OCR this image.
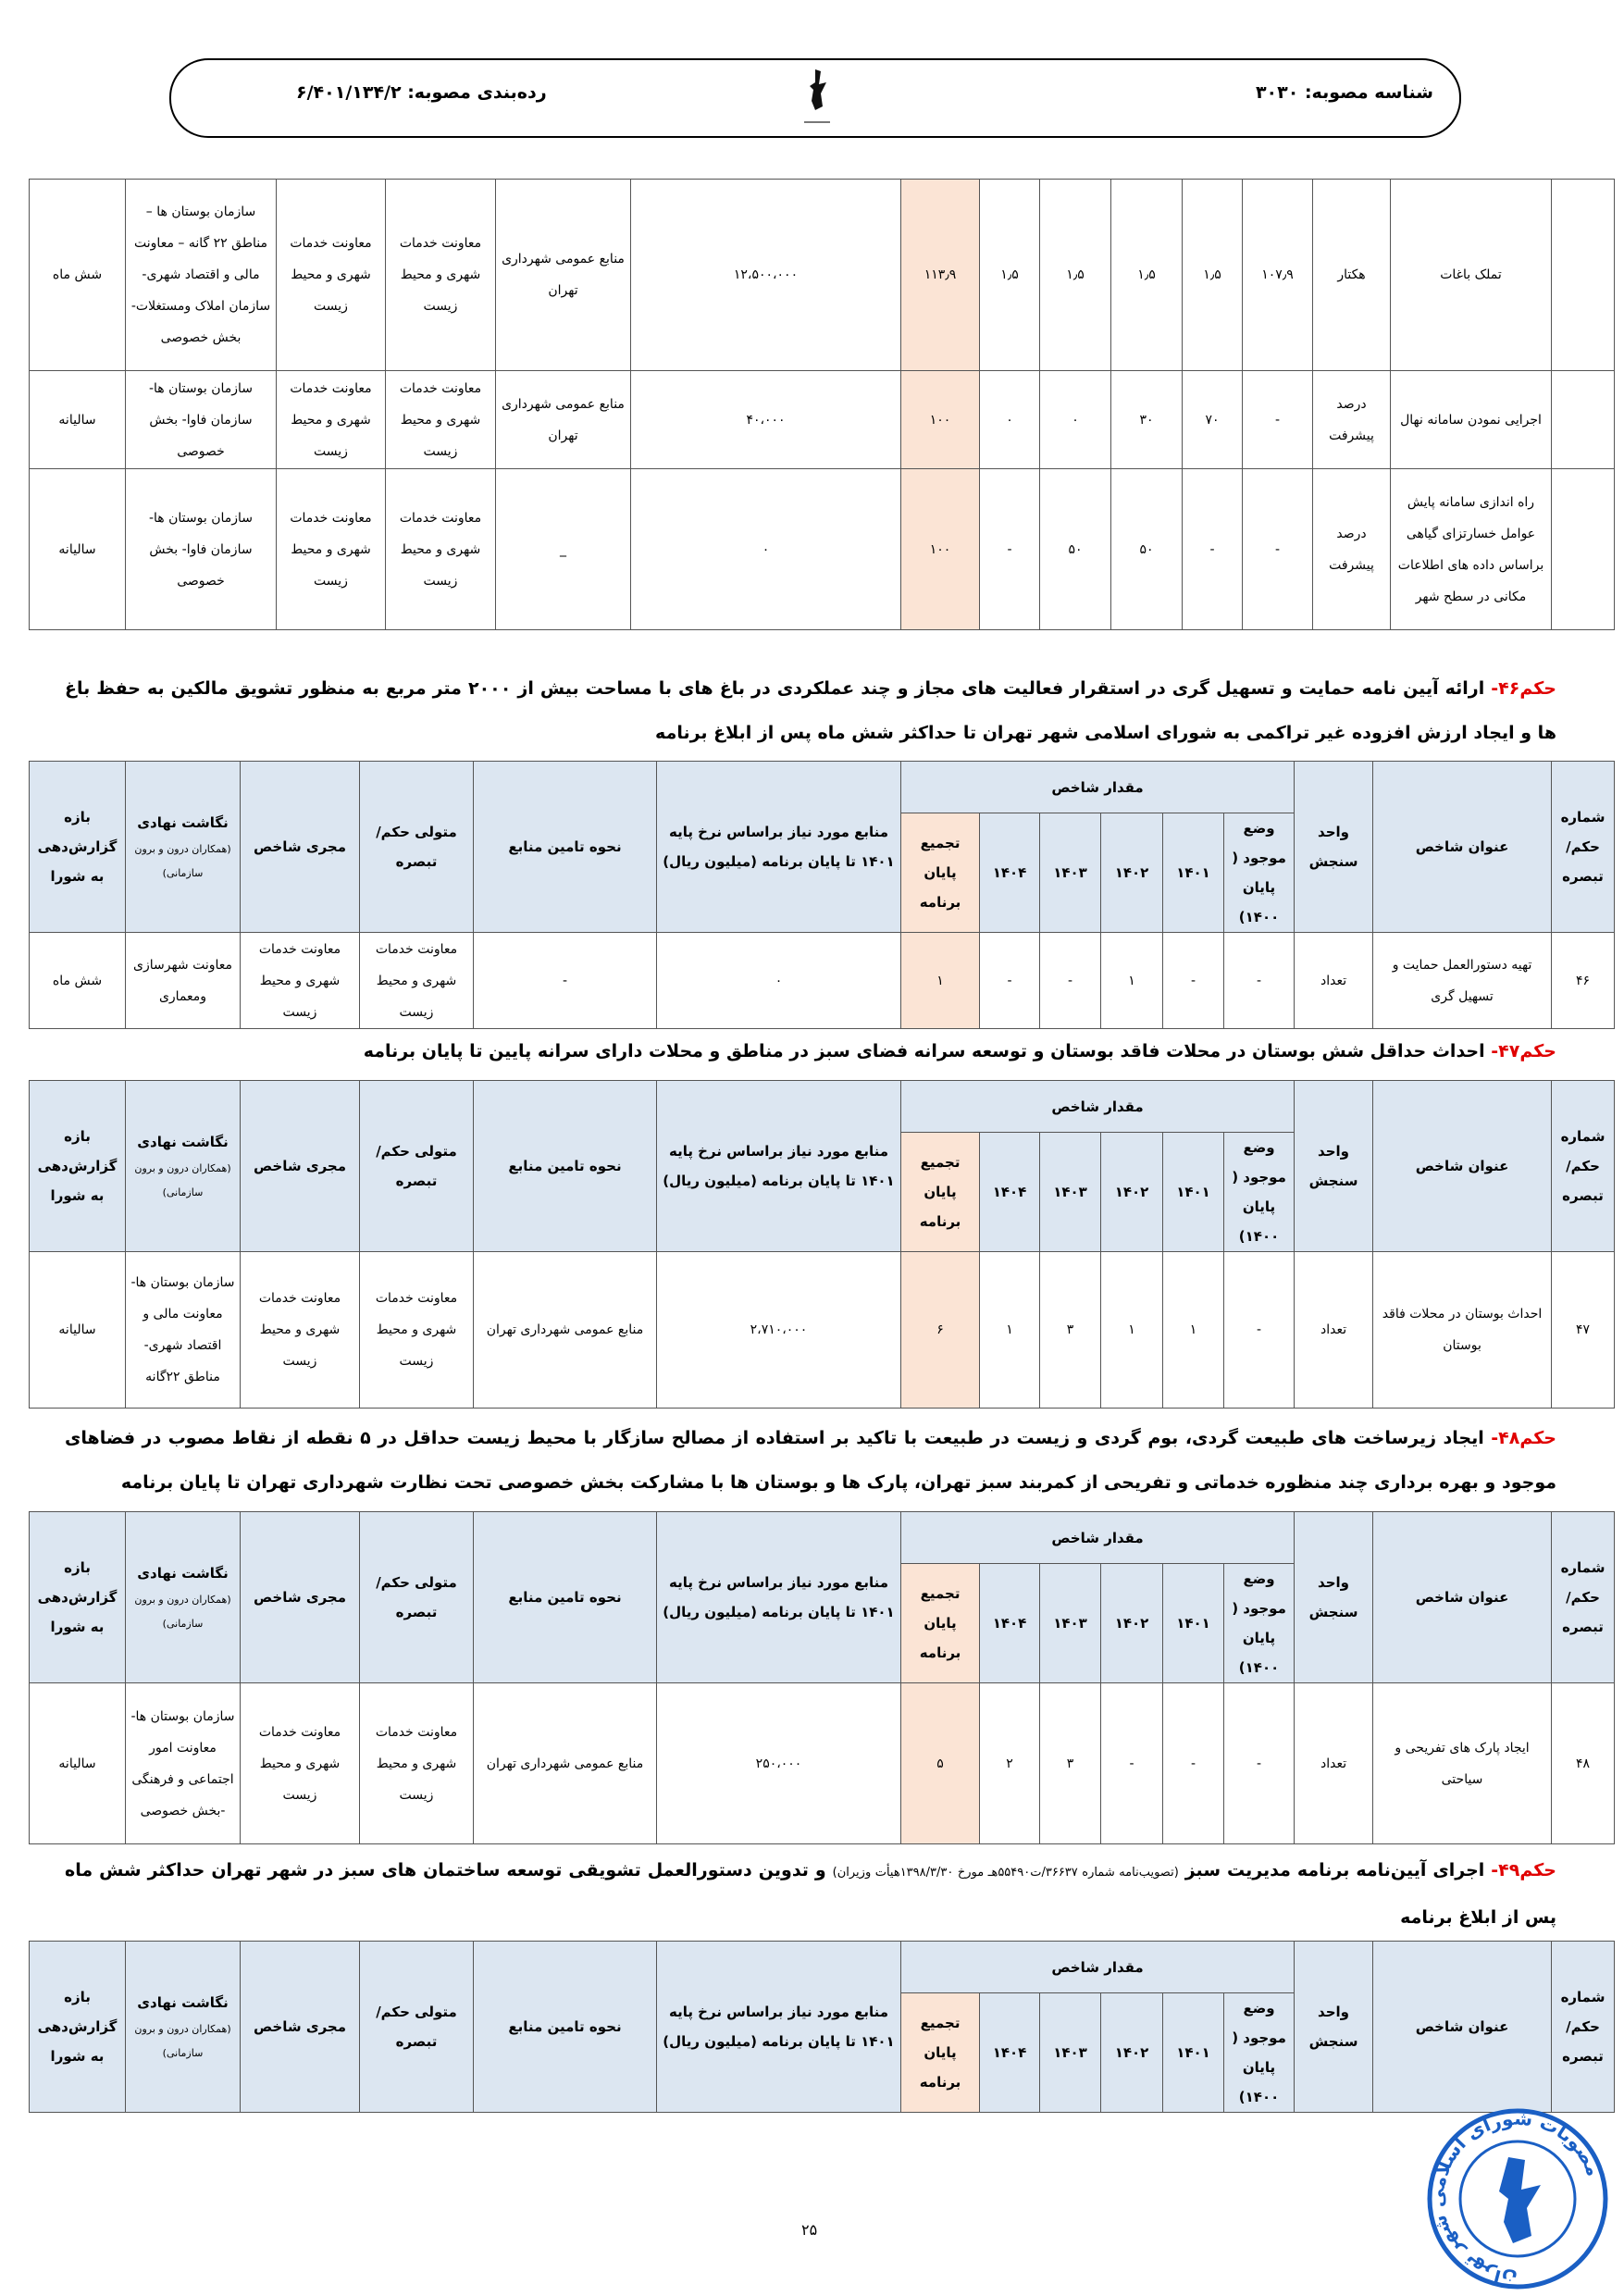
شناسه مصوبه: ۳۰۳۰
رده‌بندی مصوبه: ۶/۴۰۱/۱۳۴/۲
	تملک باغات	هکتار	۱۰۷٫۹	۱٫۵	۱٫۵	۱٫۵	۱٫۵	۱۱۳٫۹	۱۲،۵۰۰،۰۰۰	منابع عمومی شهرداری تهران	معاونت خدمات شهری و محیط زیست	معاونت خدمات شهری و محیط زیست	سازمان بوستان ها – مناطق ۲۲ گانه – معاونت مالی و اقتصاد شهری- سازمان املاک ومستغلات- بخش خصوصی	شش ماه
	اجرایی نمودن سامانه نهال	درصد پیشرفت	-	۷۰	۳۰	۰	۰	۱۰۰	۴۰،۰۰۰	منابع عمومی شهرداری تهران	معاونت خدمات شهری و محیط زیست	معاونت خدمات شهری و محیط زیست	سازمان بوستان ها- سازمان فاوا- بخش خصوصی	سالیانه
	راه اندازی سامانه پایش عوامل خسارتزای گیاهی براساس داده های اطلاعات مکانی در سطح شهر	درصد پیشرفت	-	-	۵۰	۵۰	-	۱۰۰	۰	_	معاونت خدمات شهری و محیط زیست	معاونت خدمات شهری و محیط زیست	سازمان بوستان ها- سازمان فاوا- بخش خصوصی	سالیانه
حکم۴۶- ارائه آیین نامه حمایت و تسهیل گری در استقرار فعالیت های مجاز و چند عملکردی در باغ های با مساحت بیش از ۲۰۰۰ متر مربع به منظور تشویق مالکین به حفظ باغ ها و ایجاد ارزش افزوده غیر تراکمی به شورای اسلامی شهر تهران تا حداکثر شش ماه پس از ابلاغ برنامه
شماره حکم/ تبصره	عنوان شاخص	واحد سنجش	مقدار شاخص						منابع مورد نیاز براساس نرخ پایه ۱۴۰۱ تا پایان برنامه (میلیون ریال)	نحوه تامین منابع	متولی حکم/تبصره	مجری شاخص	نگاشت نهادی
(همکاران درون و برون سازمانی)	بازه گزارش‌دهی به شورا
			وضع موجود ( پایان ۱۴۰۰)	۱۴۰۱	۱۴۰۲	۱۴۰۳	۱۴۰۴	تجمیع پایان برنامه						
۴۶	تهیه دستورالعمل حمایت و تسهیل گری	تعداد	-	-	۱	-	-	۱	۰	-	معاونت خدمات شهری و محیط زیست	معاونت خدمات شهری و محیط زیست	معاونت شهرسازی ومعماری	شش ماه
حکم۴۷- احداث حداقل شش بوستان در محلات فاقد بوستان و توسعه سرانه فضای سبز در مناطق و محلات دارای سرانه پایین تا پایان برنامه
شماره حکم/ تبصره	عنوان شاخص	واحد سنجش	مقدار شاخص						منابع مورد نیاز براساس نرخ پایه ۱۴۰۱ تا پایان برنامه (میلیون ریال)	نحوه تامین منابع	متولی حکم/تبصره	مجری شاخص	نگاشت نهادی
(همکاران درون و برون سازمانی)	بازه گزارش‌دهی به شورا
			وضع موجود ( پایان ۱۴۰۰)	۱۴۰۱	۱۴۰۲	۱۴۰۳	۱۴۰۴	تجمیع پایان برنامه						
۴۷	احداث بوستان در محلات فاقد بوستان	تعداد	-	۱	۱	۳	۱	۶	۲،۷۱۰،۰۰۰	منابع عمومی شهرداری تهران	معاونت خدمات شهری و محیط زیست	معاونت خدمات شهری و محیط زیست	سازمان بوستان ها-معاونت مالی و اقتصاد شهری- مناطق ۲۲گانه	سالیانه
حکم۴۸- ایجاد زیرساخت های طبیعت گردی، بوم گردی و زیست در طبیعت با تاکید بر استفاده از مصالح سازگار با محیط زیست حداقل در ۵ نقطه از نقاط مصوب در فضاهای موجود و بهره برداری چند منظوره خدماتی و تفریحی از کمربند سبز تهران، پارک ها و بوستان ها با مشارکت بخش خصوصی تحت نظارت شهرداری تهران تا پایان برنامه
شماره حکم/ تبصره	عنوان شاخص	واحد سنجش	مقدار شاخص						منابع مورد نیاز براساس نرخ پایه ۱۴۰۱ تا پایان برنامه (میلیون ریال)	نحوه تامین منابع	متولی حکم/تبصره	مجری شاخص	نگاشت نهادی
(همکاران درون و برون سازمانی)	بازه گزارش‌دهی به شورا
			وضع موجود ( پایان ۱۴۰۰)	۱۴۰۱	۱۴۰۲	۱۴۰۳	۱۴۰۴	تجمیع پایان برنامه						
۴۸	ایجاد پارک های تفریحی و سیاحتی	تعداد	-	-	-	۳	۲	۵	۲۵۰،۰۰۰	منابع عمومی شهرداری تهران	معاونت خدمات شهری و محیط زیست	معاونت خدمات شهری و محیط زیست	سازمان بوستان ها- معاونت امور اجتماعی و فرهنگی -بخش خصوصی	سالیانه
حکم۴۹- اجرای آیین‌نامه برنامه مدیریت سبز (تصویب‌نامه شماره ۳۶۶۳۷/ت۵۵۴۹۰هـ مورخ ۱۳۹۸/۳/۳۰هیأت وزیران) و تدوین دستورالعمل تشویقی توسعه ساختمان های سبز در شهر تهران حداکثر شش ماه پس از ابلاغ برنامه
شماره حکم/ تبصره	عنوان شاخص	واحد سنجش	مقدار شاخص						منابع مورد نیاز براساس نرخ پایه ۱۴۰۱ تا پایان برنامه (میلیون ریال)	نحوه تامین منابع	متولی حکم/تبصره	مجری شاخص	نگاشت نهادی
(همکاران درون و برون سازمانی)	بازه گزارش‌دهی به شورا
			وضع موجود ( پایان ۱۴۰۰)	۱۴۰۱	۱۴۰۲	۱۴۰۳	۱۴۰۴	تجمیع پایان برنامه						
۲۵
مصوبات شورای اسلامی شهر تهران
